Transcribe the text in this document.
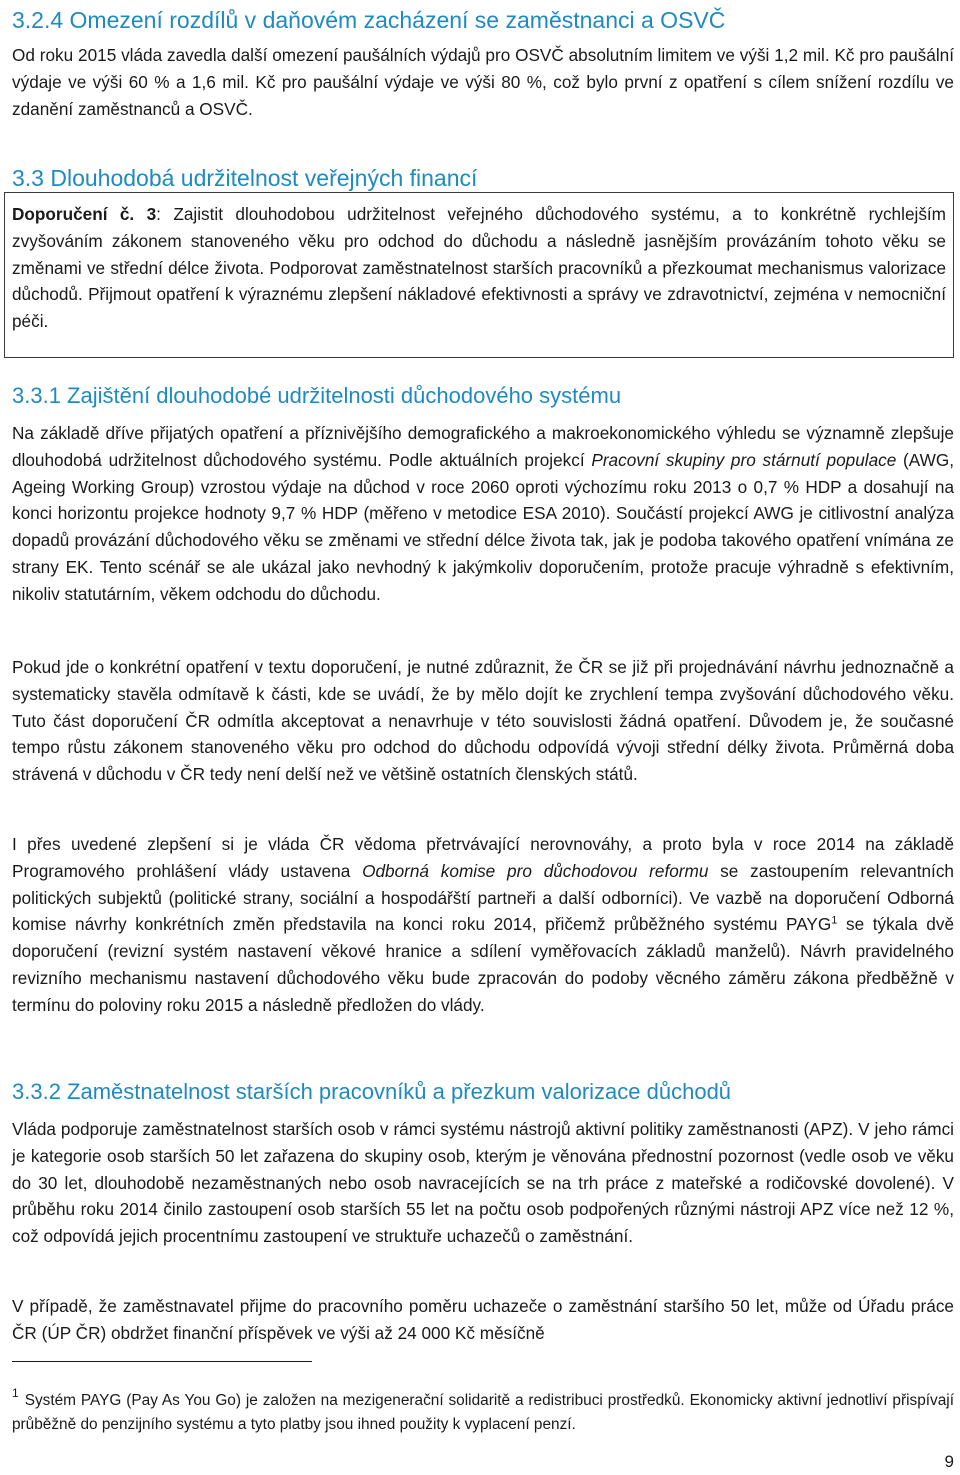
3.2.4 Omezení rozdílů v daňovém zacházení se zaměstnanci a OSVČ

Od roku 2015 vláda zavedla další omezení paušálních výdajů pro OSVČ absolutním limitem ve výši 1,2 mil. Kč pro paušální výdaje ve výši 60 % a 1,6 mil. Kč pro paušální výdaje ve výši 80 %, což bylo první z opatření s cílem snížení rozdílu ve zdanění zaměstnanců a OSVČ.

3.3 Dlouhodobá udržitelnost veřejných financí

Doporučení č. 3: Zajistit dlouhodobou udržitelnost veřejného důchodového systému, a to konkrétně rychlejším zvyšováním zákonem stanoveného věku pro odchod do důchodu a následně jasnějším provázáním tohoto věku se změnami ve střední délce života. Podporovat zaměstnatelnost starších pracovníků a přezkoumat mechanismus valorizace důchodů. Přijmout opatření k výraznému zlepšení nákladové efektivnosti a správy ve zdravotnictví, zejména v nemocniční péči.

3.3.1 Zajištění dlouhodobé udržitelnosti důchodového systému

Na základě dříve přijatých opatření a příznivějšího demografického a makroekonomického výhledu se významně zlepšuje dlouhodobá udržitelnost důchodového systému. Podle aktuálních projekcí Pracovní skupiny pro stárnutí populace (AWG, Ageing Working Group) vzrostou výdaje na důchod v roce 2060 oproti výchozímu roku 2013 o 0,7 % HDP a dosahují na konci horizontu projekce hodnoty 9,7 % HDP (měřeno v metodice ESA 2010). Součástí projekcí AWG je citlivostní analýza dopadů provázání důchodového věku se změnami ve střední délce života tak, jak je podoba takového opatření vnímána ze strany EK. Tento scénář se ale ukázal jako nevhodný k jakýmkoliv doporučením, protože pracuje výhradně s efektivním, nikoliv statutárním, věkem odchodu do důchodu.

Pokud jde o konkrétní opatření v textu doporučení, je nutné zdůraznit, že ČR se již při projednávání návrhu jednoznačně a systematicky stavěla odmítavě k části, kde se uvádí, že by mělo dojít ke zrychlení tempa zvyšování důchodového věku. Tuto část doporučení ČR odmítla akceptovat a nenavrhuje v této souvislosti žádná opatření. Důvodem je, že současné tempo růstu zákonem stanoveného věku pro odchod do důchodu odpovídá vývoji střední délky života. Průměrná doba strávená v důchodu v ČR tedy není delší než ve většině ostatních členských států.

I přes uvedené zlepšení si je vláda ČR vědoma přetrvávající nerovnováhy, a proto byla v roce 2014 na základě Programového prohlášení vlády ustavena Odborná komise pro důchodovou reformu se zastoupením relevantních politických subjektů (politické strany, sociální a hospodářští partneři a další odborníci). Ve vazbě na doporučení Odborná komise návrhy konkrétních změn představila na konci roku 2014, přičemž průběžného systému PAYG$^1$ se týkala dvě doporučení (revizní systém nastavení věkové hranice a sdílení vyměřovacích základů manželů). Návrh pravidelného revizního mechanismu nastavení důchodového věku bude zpracován do podoby věcného záměru zákona předběžně v termínu do poloviny roku 2015 a následně předložen do vlády.

3.3.2 Zaměstnatelnost starších pracovníků a přezkum valorizace důchodů

Vláda podporuje zaměstnatelnost starších osob v rámci systému nástrojů aktivní politiky zaměstnanosti (APZ). V jeho rámci je kategorie osob starších 50 let zařazena do skupiny osob, kterým je věnována přednostní pozornost (vedle osob ve věku do 30 let, dlouhodobě nezaměstnaných nebo osob navracejících se na trh práce z mateřské a rodičovské dovolené). V průběhu roku 2014 činilo zastoupení osob starších 55 let na počtu osob podpořených různými nástroji APZ více než 12 %, což odpovídá jejich procentnímu zastoupení ve struktuře uchazečů o zaměstnání.

V případě, že zaměstnavatel přijme do pracovního poměru uchazeče o zaměstnání staršího 50 let, může od Úřadu práce ČR (ÚP ČR) obdržet finanční příspěvek ve výši až 24 000 Kč měsíčně

$^1$ Systém PAYG (Pay As You Go) je založen na mezigenerační solidaritě a redistribuci prostředků. Ekonomicky aktivní jednotliví přispívají průběžně do penzijního systému a tyto platby jsou ihned použity k vyplacení penzí.

9
